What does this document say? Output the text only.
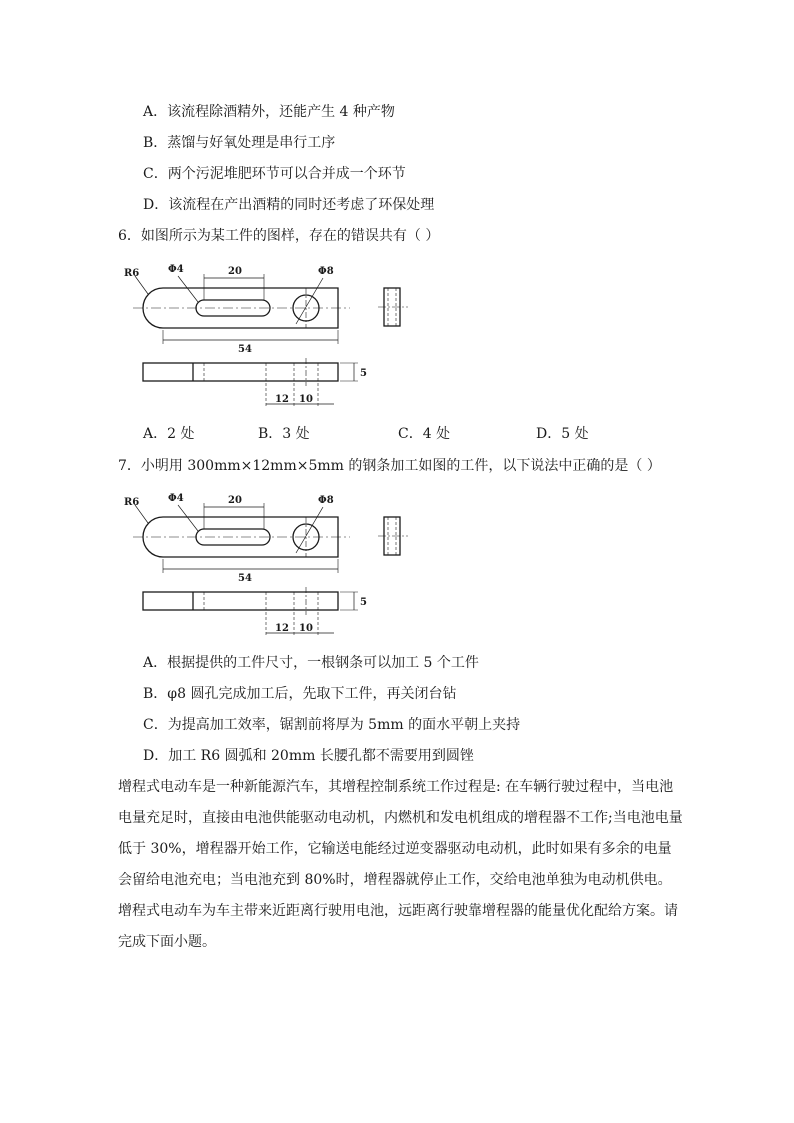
A．该流程除酒精外，还能产生 4 种产物
B．蒸馏与好氧处理是串行工序
C．两个污泥堆肥环节可以合并成一个环节
D．该流程在产出酒精的同时还考虑了环保处理
6．如图所示为某工件的图样，存在的错误共有（ ）
R6	Φ4	20	Φ8
54
5
12 10
A．2 处	B．3 处	C．4 处	D．5 处
7．小明用 300mm×12mm×5mm 的钢条加工如图的工件，以下说法中正确的是（ ）
R6	Φ4	20	Φ8
54
5
12 10
A．根据提供的工件尺寸，一根钢条可以加工 5 个工件
B．φ8 圆孔完成加工后，先取下工件，再关闭台钻
C．为提高加工效率，锯割前将厚为 5mm 的面水平朝上夹持
D．加工 R6 圆弧和 20mm 长腰孔都不需要用到圆锉
增程式电动车是一种新能源汽车，其增程控制系统工作过程是: 在车辆行驶过程中，当电池电量充足时，直接由电池供能驱动电动机，内燃机和发电机组成的增程器不工作;当电池电量低于 30%，增程器开始工作，它输送电能经过逆变器驱动电动机，此时如果有多余的电量会留给电池充电；当电池充到 80%时，增程器就停止工作，交给电池单独为电动机供电。增程式电动车为车主带来近距离行驶用电池，远距离行驶靠增程器的能量优化配给方案。请完成下面小题。
